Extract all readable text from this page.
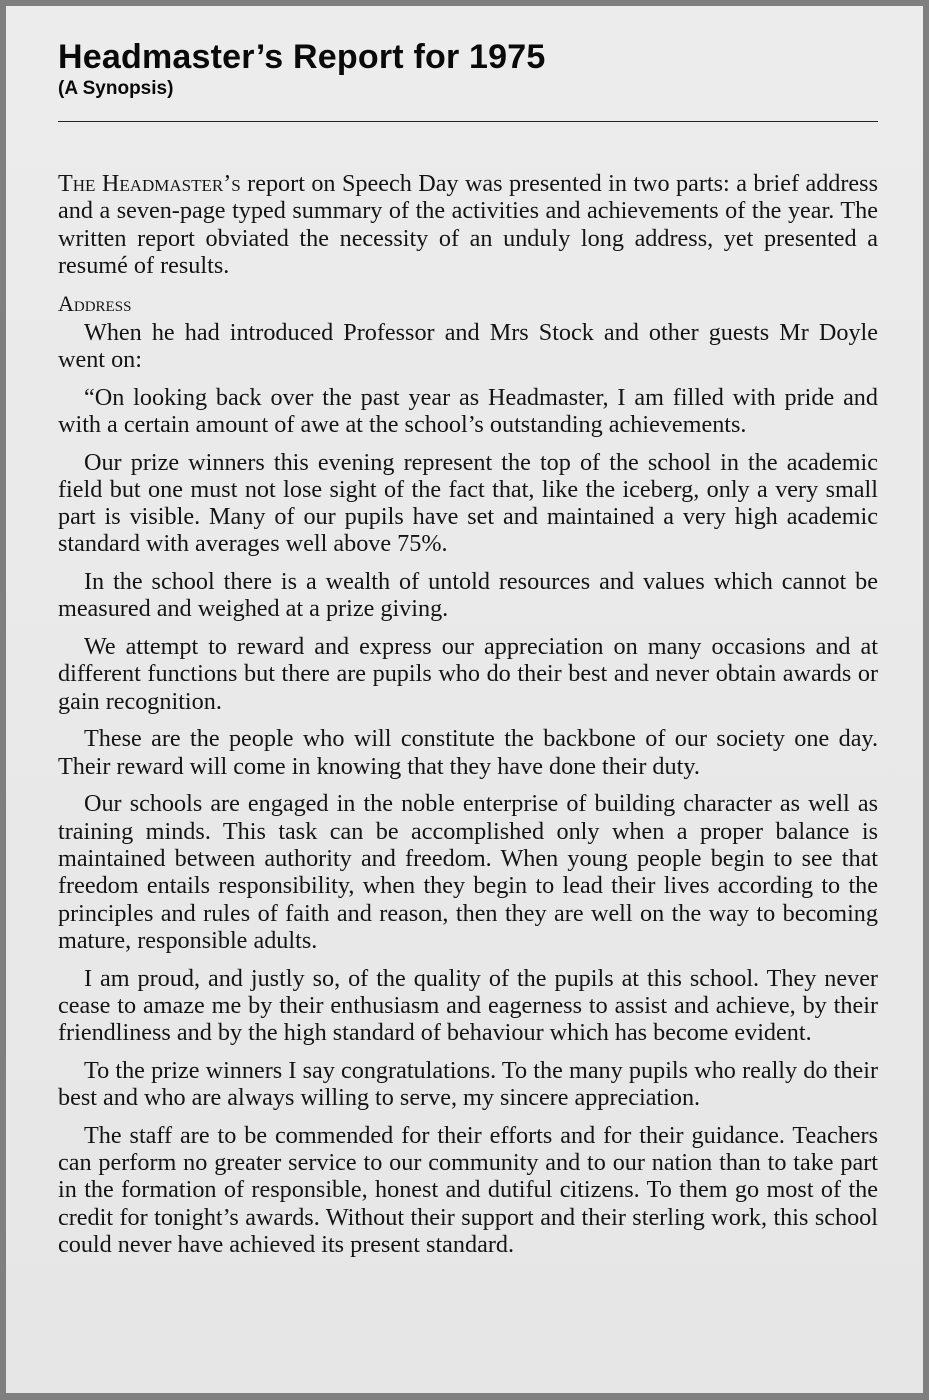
Headmaster’s Report for 1975
(A Synopsis)

The Headmaster’s report on Speech Day was presented in two parts: a brief address and a seven-page typed summary of the activities and achievements of the year. The written report obviated the necessity of an unduly long address, yet presented a resumé of results.

Address

When he had introduced Professor and Mrs Stock and other guests Mr Doyle went on:

“On looking back over the past year as Headmaster, I am filled with pride and with a certain amount of awe at the school’s outstanding achievements.

Our prize winners this evening represent the top of the school in the academic field but one must not lose sight of the fact that, like the iceberg, only a very small part is visible. Many of our pupils have set and maintained a very high academic standard with averages well above 75%.

In the school there is a wealth of untold resources and values which cannot be measured and weighed at a prize giving.

We attempt to reward and express our appreciation on many occasions and at different functions but there are pupils who do their best and never obtain awards or gain recognition.

These are the people who will constitute the backbone of our society one day. Their reward will come in knowing that they have done their duty.

Our schools are engaged in the noble enterprise of building character as well as training minds. This task can be accomplished only when a proper balance is maintained between authority and freedom. When young people begin to see that freedom entails responsibility, when they begin to lead their lives according to the principles and rules of faith and reason, then they are well on the way to becoming mature, responsible adults.

I am proud, and justly so, of the quality of the pupils at this school. They never cease to amaze me by their enthusiasm and eagerness to assist and achieve, by their friendliness and by the high standard of behaviour which has become evident.

To the prize winners I say congratulations. To the many pupils who really do their best and who are always willing to serve, my sincere appreciation.

The staff are to be commended for their efforts and for their guidance. Teachers can perform no greater service to our community and to our nation than to take part in the formation of responsible, honest and dutiful citizens. To them go most of the credit for tonight’s awards. Without their support and their sterling work, this school could never have achieved its present standard.
